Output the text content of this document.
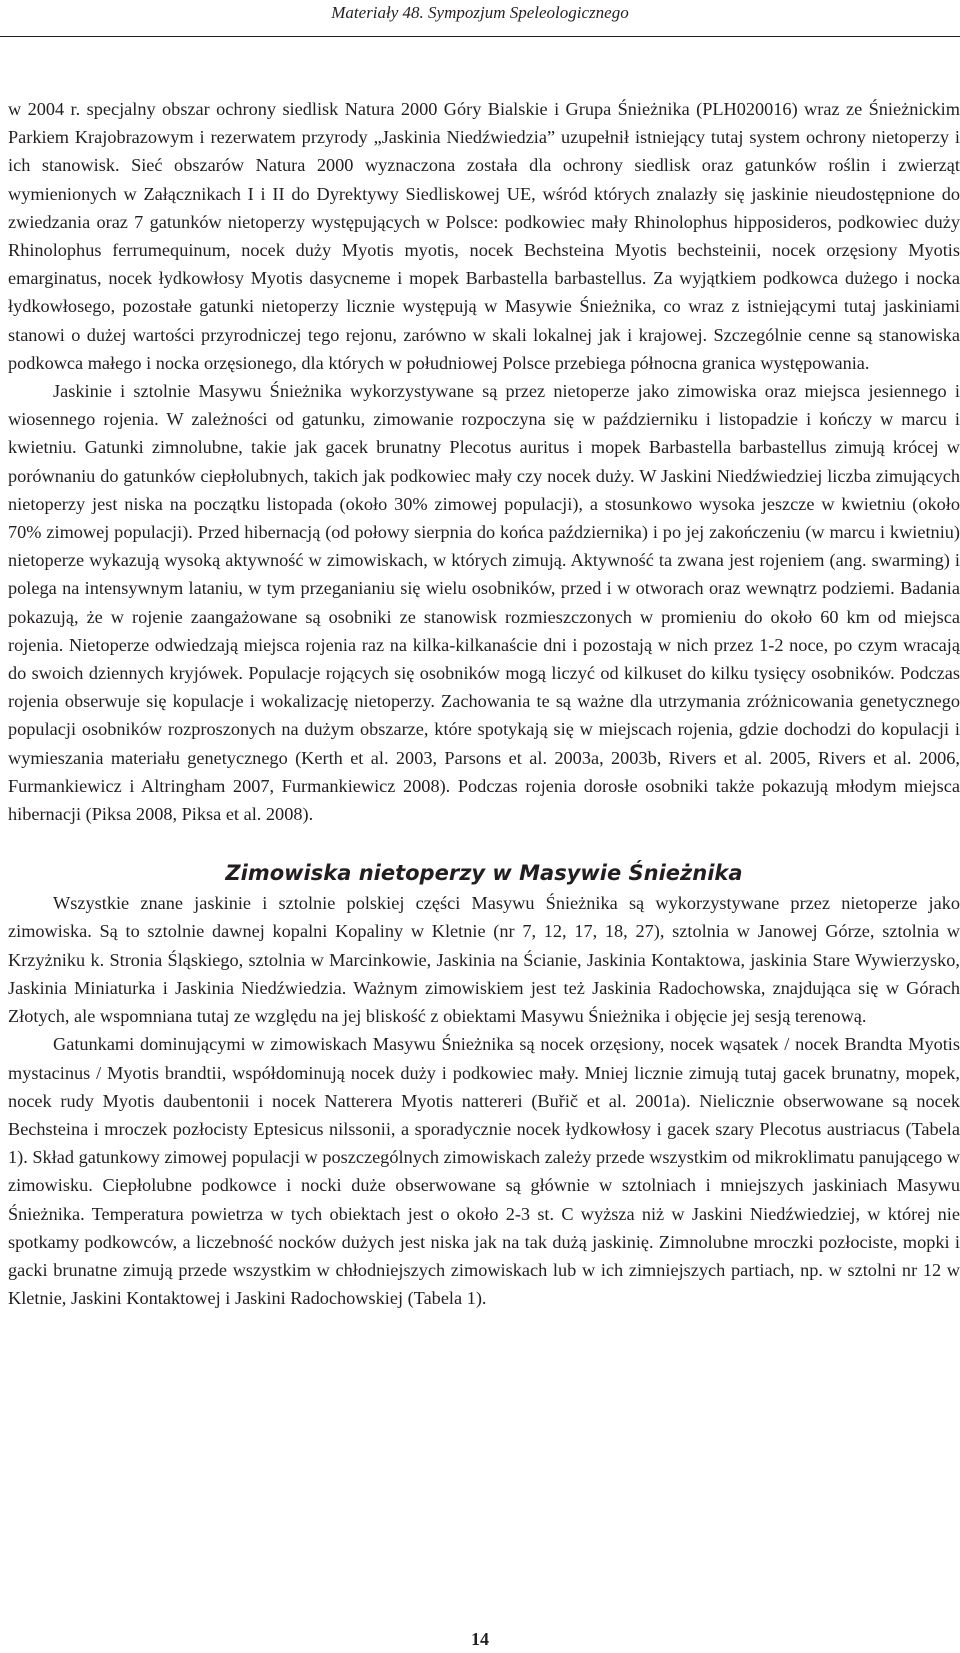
Materiały 48. Sympozjum Speleologicznego

w 2004 r. specjalny obszar ochrony siedlisk Natura 2000 Góry Bialskie i Grupa Śnieżnika (PLH020016) wraz ze Śnieżnickim Parkiem Krajobrazowym i rezerwatem przyrody „Jaskinia Niedźwiedzia” uzupełnił istniejący tutaj system ochrony nietoperzy i ich stanowisk. Sieć obszarów Natura 2000 wyznaczona została dla ochrony siedlisk oraz gatunków roślin i zwierząt wymienionych w Załącznikach I i II do Dyrektywy Siedliskowej UE, wśród których znalazły się jaskinie nieudostępnione do zwiedzania oraz 7 gatunków nietoperzy występujących w Polsce: podkowiec mały Rhinolophus hipposideros, podkowiec duży Rhinolophus ferrumequinum, nocek duży Myotis myotis, nocek Bechsteina Myotis bechsteinii, nocek orzęsiony Myotis emarginatus, nocek łydkowłosy Myotis dasycneme i mopek Barbastella barbastellus. Za wyjątkiem podkowca dużego i nocka łydkowłosego, pozostałe gatunki nietoperzy licznie występują w Masywie Śnieżnika, co wraz z istniejącymi tutaj jaskiniami stanowi o dużej wartości przyrodniczej tego rejonu, zarówno w skali lokalnej jak i krajowej. Szczególnie cenne są stanowiska podkowca małego i nocka orzęsionego, dla których w południowej Polsce przebiega północna granica występowania.

Jaskinie i sztolnie Masywu Śnieżnika wykorzystywane są przez nietoperze jako zimowiska oraz miejsca jesiennego i wiosennego rojenia. W zależności od gatunku, zimowanie rozpoczyna się w październiku i listopadzie i kończy w marcu i kwietniu. Gatunki zimnolubne, takie jak gacek brunatny Plecotus auritus i mopek Barbastella barbastellus zimują krócej w porównaniu do gatunków ciepłolubnych, takich jak podkowiec mały czy nocek duży. W Jaskini Niedźwiedziej liczba zimujących nietoperzy jest niska na początku listopada (około 30% zimowej populacji), a stosunkowo wysoka jeszcze w kwietniu (około 70% zimowej populacji). Przed hibernacją (od połowy sierpnia do końca października) i po jej zakończeniu (w marcu i kwietniu) nietoperze wykazują wysoką aktywność w zimowiskach, w których zimują. Aktywność ta zwana jest rojeniem (ang. swarming) i polega na intensywnym lataniu, w tym przeganianiu się wielu osobników, przed i w otworach oraz wewnątrz podziemi. Badania pokazują, że w rojenie zaangażowane są osobniki ze stanowisk rozmieszczonych w promieniu do około 60 km od miejsca rojenia. Nietoperze odwiedzają miejsca rojenia raz na kilka-kilkanaście dni i pozostają w nich przez 1-2 noce, po czym wracają do swoich dziennych kryjówek. Populacje rojących się osobników mogą liczyć od kilkuset do kilku tysięcy osobników. Podczas rojenia obserwuje się kopulacje i wokalizację nietoperzy. Zachowania te są ważne dla utrzymania zróżnicowania genetycznego populacji osobników rozproszonych na dużym obszarze, które spotykają się w miejscach rojenia, gdzie dochodzi do kopulacji i wymieszania materiału genetycznego (Kerth et al. 2003, Parsons et al. 2003a, 2003b, Rivers et al. 2005, Rivers et al. 2006, Furmankiewicz i Altringham 2007, Furmankiewicz 2008). Podczas rojenia dorosłe osobniki także pokazują młodym miejsca hibernacji (Piksa 2008, Piksa et al. 2008).

Zimowiska nietoperzy w Masywie Śnieżnika

Wszystkie znane jaskinie i sztolnie polskiej części Masywu Śnieżnika są wykorzystywane przez nietoperze jako zimowiska. Są to sztolnie dawnej kopalni Kopaliny w Kletnie (nr 7, 12, 17, 18, 27), sztolnia w Janowej Górze, sztolnia w Krzyżniku k. Stronia Śląskiego, sztolnia w Marcinkowie, Jaskinia na Ścianie, Jaskinia Kontaktowa, jaskinia Stare Wywierzysko, Jaskinia Miniaturka i Jaskinia Niedźwiedzia. Ważnym zimowiskiem jest też Jaskinia Radochowska, znajdująca się w Górach Złotych, ale wspomniana tutaj ze względu na jej bliskość z obiektami Masywu Śnieżnika i objęcie jej sesją terenową.

Gatunkami dominującymi w zimowiskach Masywu Śnieżnika są nocek orzęsiony, nocek wąsatek / nocek Brandta Myotis mystacinus / Myotis brandtii, współdominują nocek duży i podkowiec mały. Mniej licznie zimują tutaj gacek brunatny, mopek, nocek rudy Myotis daubentonii i nocek Natterera Myotis nattereri (Buřič et al. 2001a). Nielicznie obserwowane są nocek Bechsteina i mroczek pozłocisty Eptesicus nilssonii, a sporadycznie nocek łydkowłosy i gacek szary Plecotus austriacus (Tabela 1). Skład gatunkowy zimowej populacji w poszczególnych zimowiskach zależy przede wszystkim od mikroklimatu panującego w zimowisku. Ciepłolubne podkowce i nocki duże obserwowane są głównie w sztolniach i mniejszych jaskiniach Masywu Śnieżnika. Temperatura powietrza w tych obiektach jest o około 2-3 st. C wyższa niż w Jaskini Niedźwiedziej, w której nie spotkamy podkowców, a liczebność nocków dużych jest niska jak na tak dużą jaskinię. Zimnolubne mroczki pozłociste, mopki i gacki brunatne zimują przede wszystkim w chłodniejszych zimowiskach lub w ich zimniejszych partiach, np. w sztolni nr 12 w Kletnie, Jaskini Kontaktowej i Jaskini Radochowskiej (Tabela 1).

14
